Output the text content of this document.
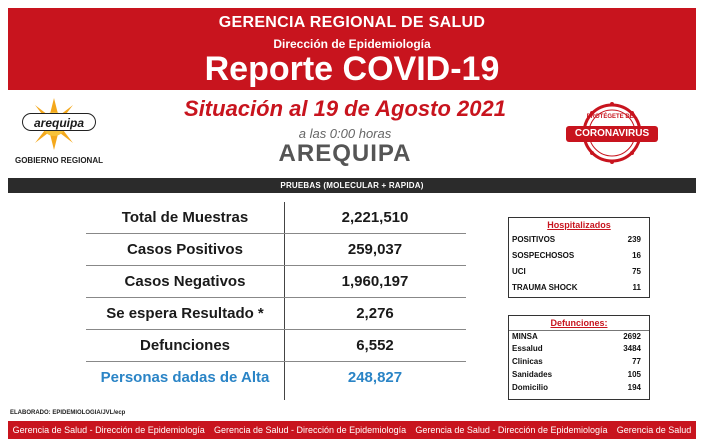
GERENCIA REGIONAL DE SALUD
Dirección de Epidemiología
Reporte COVID-19
arequipa
GOBIERNO REGIONAL
Situación al 19 de Agosto 2021
a las 0:00 horas
AREQUIPA
PROTÉGETE DEL
CORONAVIRUS
PRUEBAS (MOLECULAR + RAPIDA)
Total de Muestras	2,221,510
Casos Positivos	259,037
Casos Negativos	1,960,197
Se espera Resultado *	2,276
Defunciones	6,552
Personas dadas de Alta	248,827
Hospitalizados
POSITIVOS	239
SOSPECHOSOS	16
UCI	75
TRAUMA SHOCK	11
Defunciones:
MINSA	2692
Essalud	3484
Clinicas	77
Sanidades	105
Domicilio	194
ELABORADO: EPIDEMIOLOGIA/JVL/ecp
Gerencia de Salud - Dirección de Epidemiología Gerencia de Salud - Dirección de Epidemiología Gerencia de Salud - Dirección de Epidemiología Gerencia de Salud
